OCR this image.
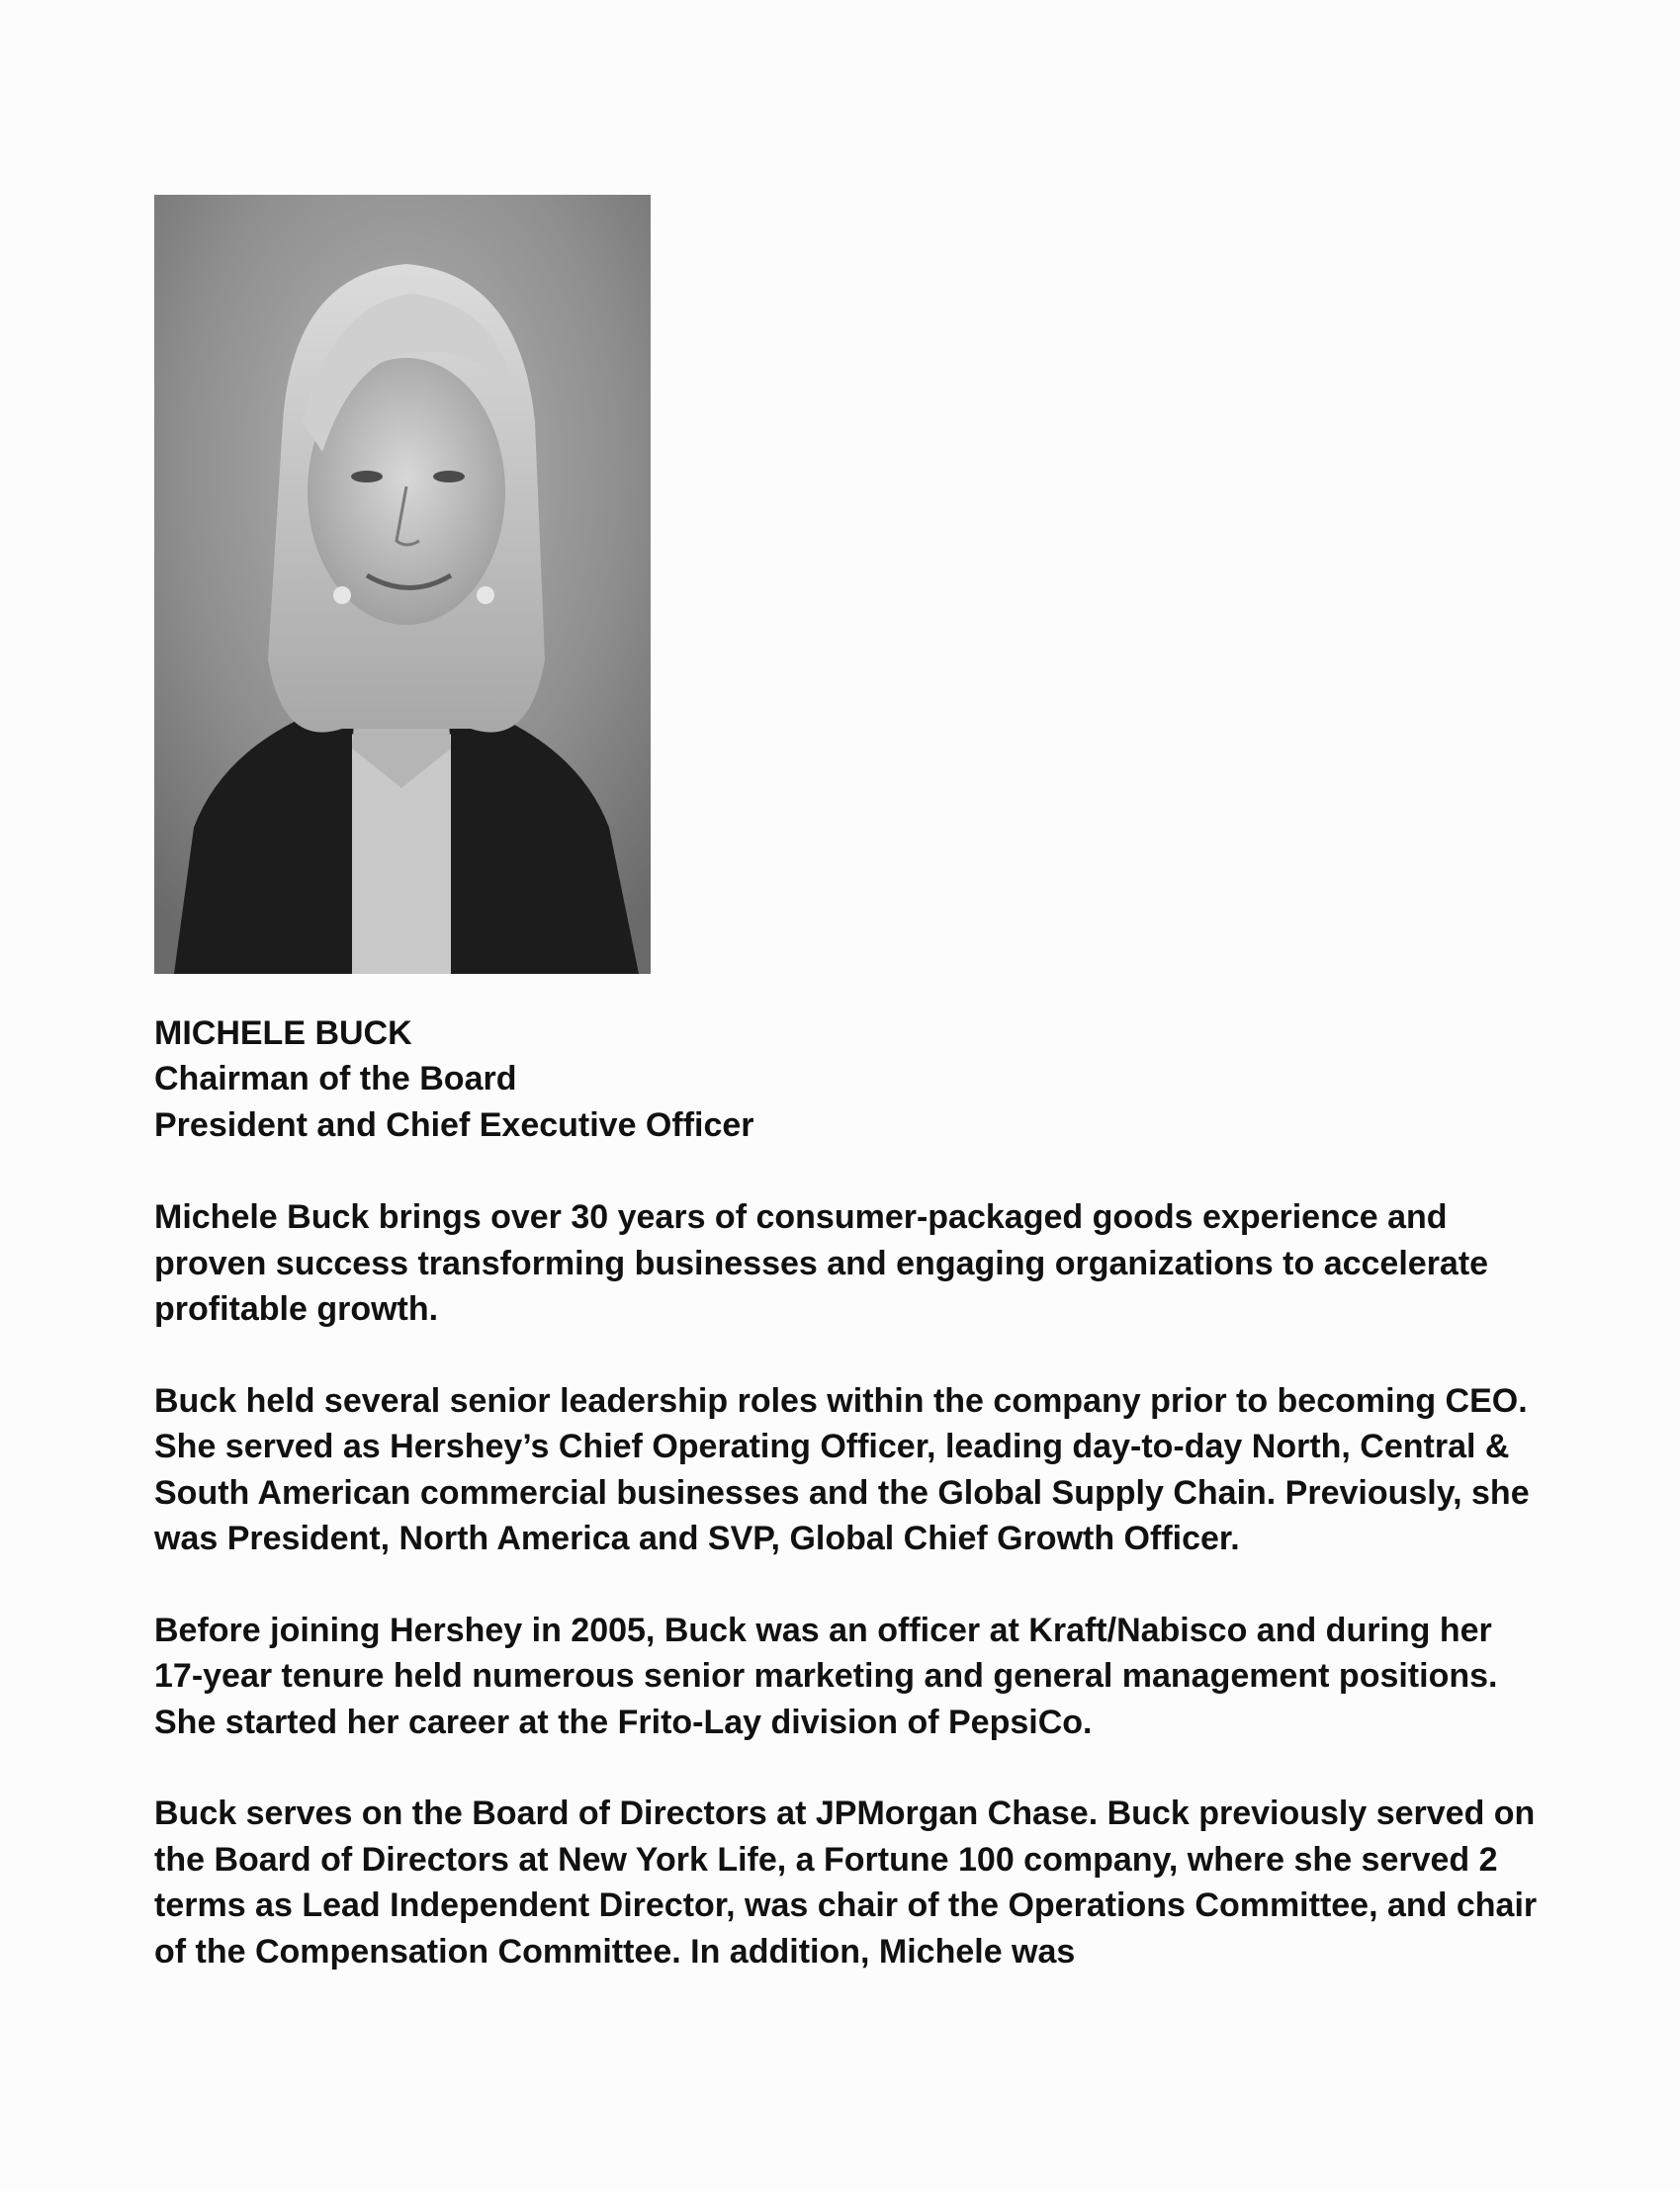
MICHELE BUCK

Chairman of the Board

President and Chief Executive Officer

Michele Buck brings over 30 years of consumer-packaged goods experience and proven success transforming businesses and engaging organizations to accelerate profitable growth.

Buck held several senior leadership roles within the company prior to becoming CEO. She served as Hershey’s Chief Operating Officer, leading day-to-day North, Central & South American commercial businesses and the Global Supply Chain. Previously, she was President, North America and SVP, Global Chief Growth Officer.

Before joining Hershey in 2005, Buck was an officer at Kraft/Nabisco and during her 17-year tenure held numerous senior marketing and general management positions. She started her career at the Frito-Lay division of PepsiCo.

Buck serves on the Board of Directors at JPMorgan Chase. Buck previously served on the Board of Directors at New York Life, a Fortune 100 company, where she served 2 terms as Lead Independent Director, was chair of the Operations Committee, and chair of the Compensation Committee. In addition, Michele was
